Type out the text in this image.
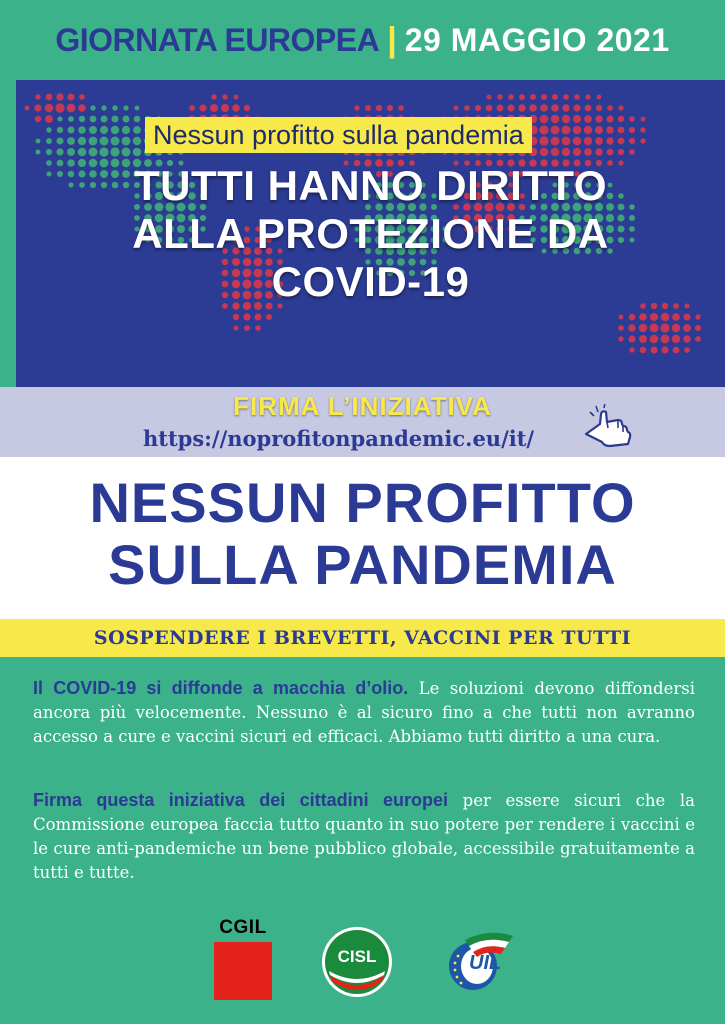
GIORNATA EUROPEA | 29 MAGGIO 2021
Nessun profitto sulla pandemia
TUTTI HANNO DIRITTO
ALLA PROTEZIONE DA
COVID-19
FIRMA L’INIZIATIVA
https://noprofitonpandemic.eu/it/
NESSUN PROFITTO
SULLA PANDEMIA
SOSPENDERE I BREVETTI, VACCINI PER TUTTI
Il COVID-19 si diffonde a macchia d’olio. Le soluzioni devono diffondersi ancora più velocemente. Nessuno è al sicuro fino a che tutti non avranno accesso a cure e vaccini sicuri ed efficaci. Abbiamo tutti diritto a una cura.
Firma questa iniziativa dei cittadini europei per essere sicuri che la Commissione europea faccia tutto quanto in suo potere per rendere i vaccini e le cure anti-pandemiche un bene pubblico globale, accessibile gratuitamente a tutti e tutte.
CGIL
CISL	UIL
